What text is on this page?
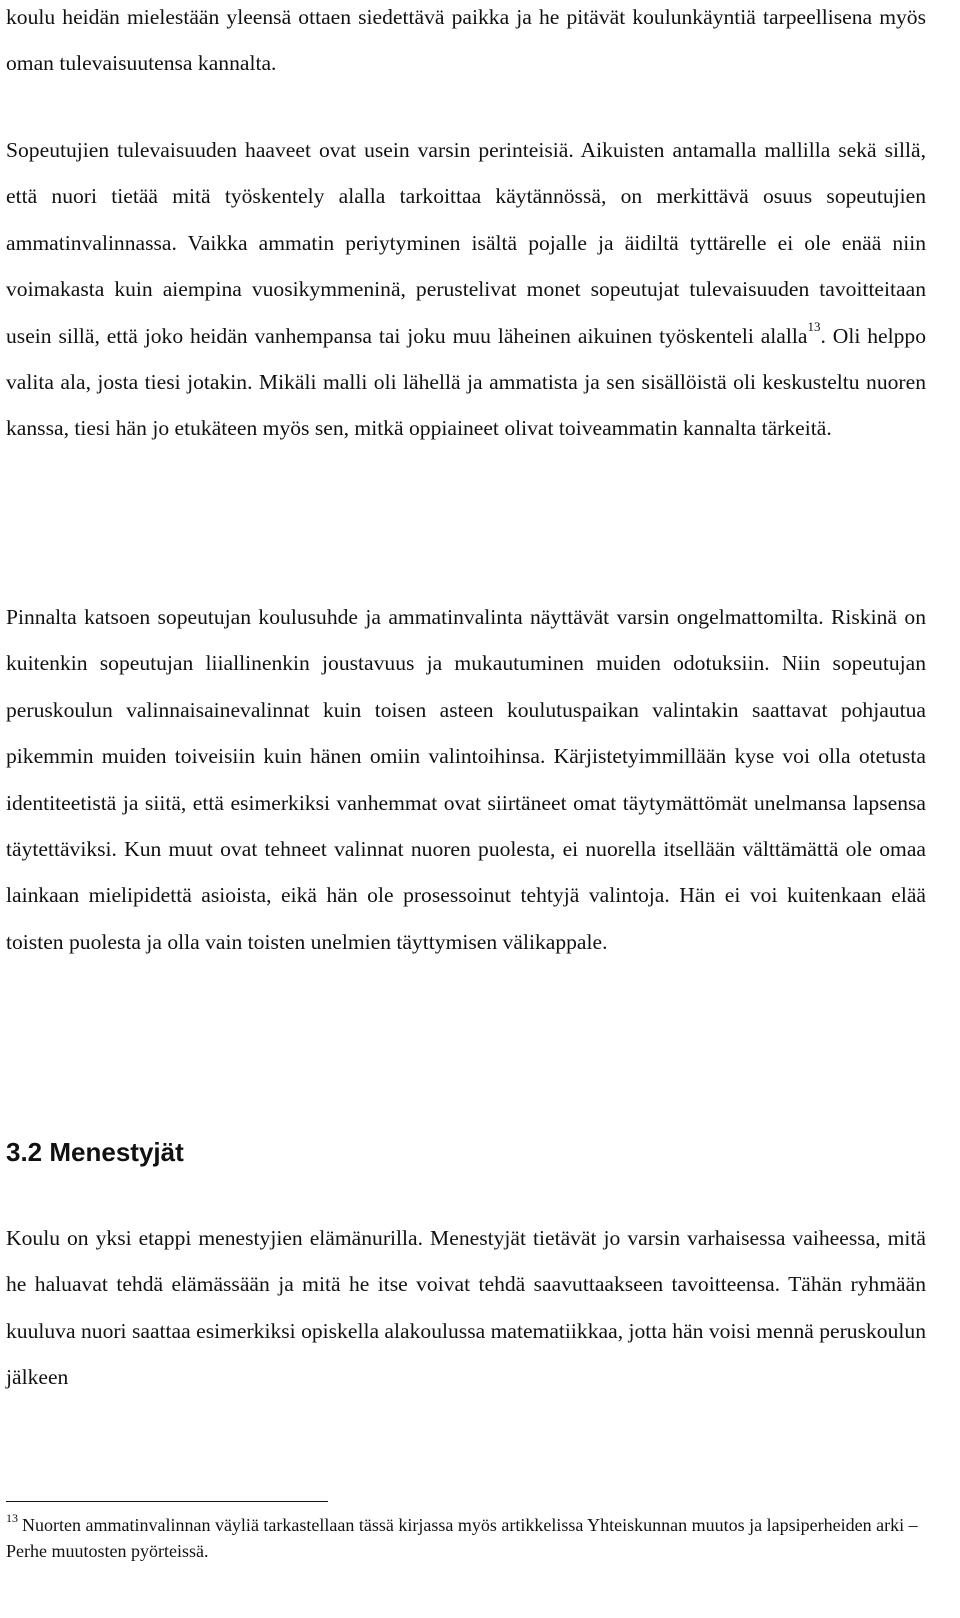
koulu heidän mielestään yleensä ottaen siedettävä paikka ja he pitävät koulunkäyntiä tarpeellisena myös oman tulevaisuutensa kannalta.

Sopeutujien tulevaisuuden haaveet ovat usein varsin perinteisiä. Aikuisten antamalla mallilla sekä sillä, että nuori tietää mitä työskentely alalla tarkoittaa käytännössä, on merkittävä osuus sopeutujien ammatinvalinnassa. Vaikka ammatin periytyminen isältä pojalle ja äidiltä tyttärelle ei ole enää niin voimakasta kuin aiempina vuosikymmeninä, perustelivat monet sopeutujat tulevaisuuden tavoitteitaan usein sillä, että joko heidän vanhempansa tai joku muu läheinen aikuinen työskenteli alalla$^{13}$. Oli helppo valita ala, josta tiesi jotakin. Mikäli malli oli lähellä ja ammatista ja sen sisällöistä oli keskusteltu nuoren kanssa, tiesi hän jo etukäteen myös sen, mitkä oppiaineet olivat toiveammatin kannalta tärkeitä.

Pinnalta katsoen sopeutujan koulusuhde ja ammatinvalinta näyttävät varsin ongelmattomilta. Riskinä on kuitenkin sopeutujan liiallinenkin joustavuus ja mukautuminen muiden odotuksiin. Niin sopeutujan peruskoulun valinnaisainevalinnat kuin toisen asteen koulutuspaikan valintakin saattavat pohjautua pikemmin muiden toiveisiin kuin hänen omiin valintoihinsa. Kärjistetyimmillään kyse voi olla otetusta identiteetistä ja siitä, että esimerkiksi vanhemmat ovat siirtäneet omat täytymättömät unelmansa lapsensa täytettäviksi. Kun muut ovat tehneet valinnat nuoren puolesta, ei nuorella itsellään välttämättä ole omaa lainkaan mielipidettä asioista, eikä hän ole prosessoinut tehtyjä valintoja. Hän ei voi kuitenkaan elää toisten puolesta ja olla vain toisten unelmien täyttymisen välikappale.

3.2 Menestyjät

Koulu on yksi etappi menestyjien elämänurilla. Menestyjät tietävät jo varsin varhaisessa vaiheessa, mitä he haluavat tehdä elämässään ja mitä he itse voivat tehdä saavuttaakseen tavoitteensa. Tähän ryhmään kuuluva nuori saattaa esimerkiksi opiskella alakoulussa matematiikkaa, jotta hän voisi mennä peruskoulun jälkeen

$^{13}$ Nuorten ammatinvalinnan väyliä tarkastellaan tässä kirjassa myös artikkelissa Yhteiskunnan muutos ja lapsiperheiden arki – Perhe muutosten pyörteissä.
